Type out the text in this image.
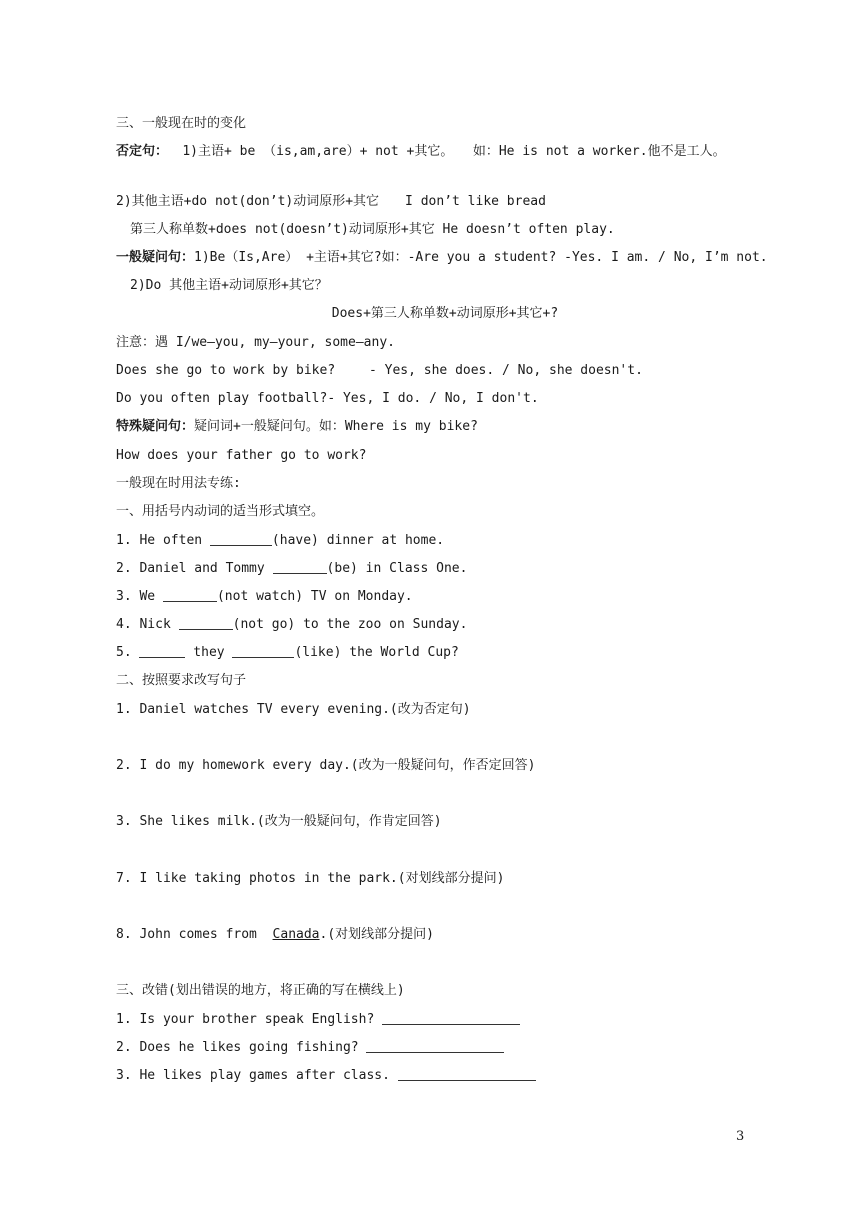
三、一般现在时的变化
否定句：　 1)主语+ be （is,am,are）+ not +其它。　　如：He is not a worker.他不是工人。
2)其他主语+do not(don’t)动词原形+其它　　I don’t like bread
第三人称单数+does not(doesn’t)动词原形+其它 He doesn’t often play.
一般疑问句：1)Be（Is,Are） +主语+其它?如：-Are you a student? -Yes. I am. / No, I’m not.
2)Do 其他主语+动词原形+其它？
Does+第三人称单数+动词原形+其它+?
注意：遇 I/we—you, my—your, some—any.
Does she go to work by bike?　　 - Yes, she does. / No, she doesn't.
Do you often play football?- Yes, I do. / No, I don't.
特殊疑问句：疑问词+一般疑问句。如：Where is my bike?
How does your father go to work?
一般现在时用法专练:
一、用括号内动词的适当形式填空。
1. He often	(have) dinner at home.
2. Daniel and Tommy	(be) in Class One.
3. We	(not watch) TV on Monday.
4. Nick	(not go) to the zoo on Sunday.
5.	they	(like) the World Cup?
二、按照要求改写句子
1. Daniel watches TV every evening.(改为否定句)
2. I do my homework every day.(改为一般疑问句，作否定回答)
3. She likes milk.(改为一般疑问句，作肯定回答)
7. I like taking photos in the park.(对划线部分提问)
8. John comes from  Canada.(对划线部分提问)
三、改错(划出错误的地方，将正确的写在横线上)
1. Is your brother speak English?
2. Does he likes going fishing?
3. He likes play games after class.
3
